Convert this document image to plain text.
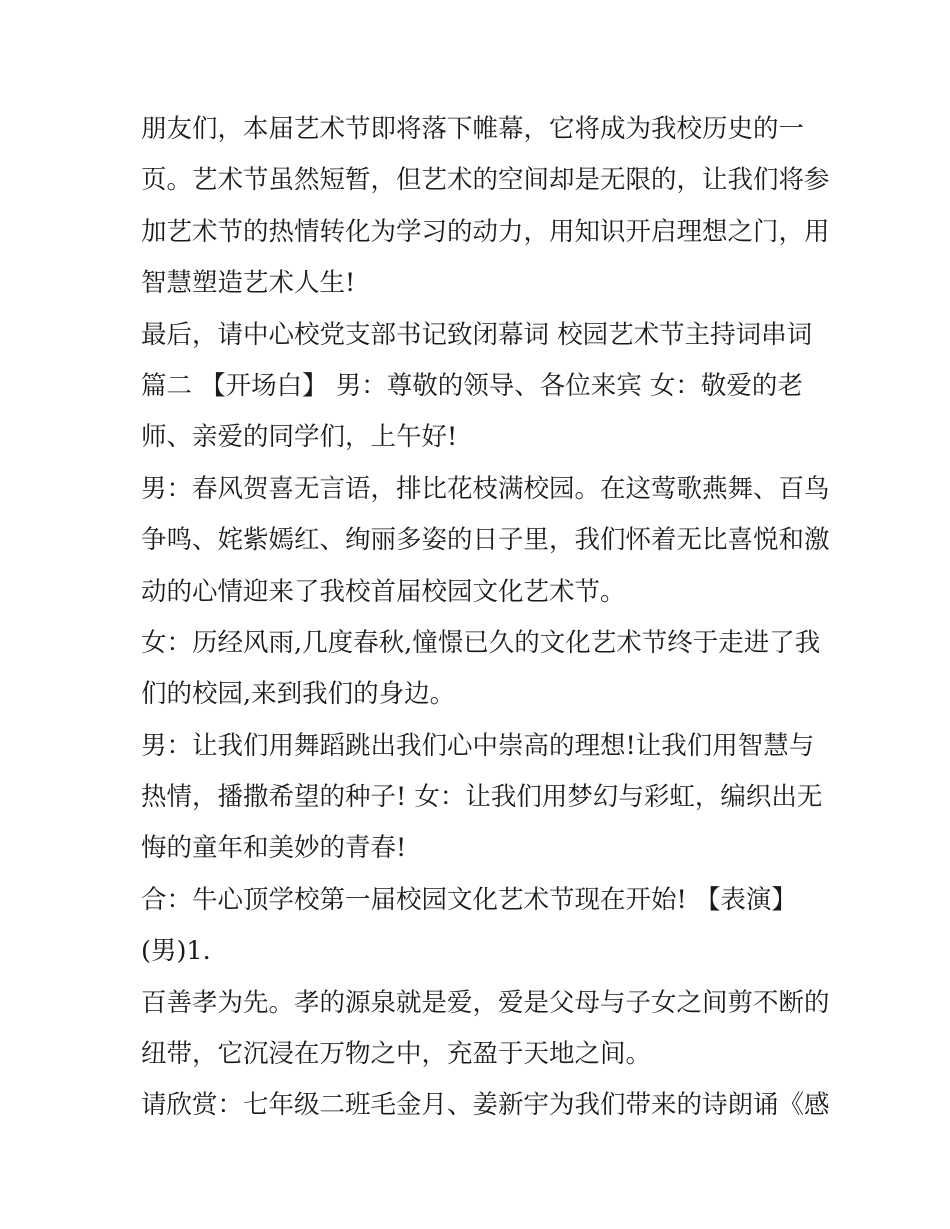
朋友们，本届艺术节即将落下帷幕，它将成为我校历史的一
页。艺术节虽然短暂，但艺术的空间却是无限的，让我们将参
加艺术节的热情转化为学习的动力，用知识开启理想之门，用
智慧塑造艺术人生!
最后，请中心校党支部书记致闭幕词 校园艺术节主持词串词
篇二 【开场白】 男：尊敬的领导、各位来宾 女：敬爱的老
师、亲爱的同学们，上午好!
男：春风贺喜无言语，排比花枝满校园。在这莺歌燕舞、百鸟
争鸣、姹紫嫣红、绚丽多姿的日子里，我们怀着无比喜悦和激
动的心情迎来了我校首届校园文化艺术节。
女：历经风雨,几度春秋,憧憬已久的文化艺术节终于走进了我
们的校园,来到我们的身边。
男：让我们用舞蹈跳出我们心中崇高的理想!让我们用智慧与
热情，播撒希望的种子! 女：让我们用梦幻与彩虹，编织出无
悔的童年和美妙的青春!
合：牛心顶学校第一届校园文化艺术节现在开始! 【表演】
(男)1.
百善孝为先。孝的源泉就是爱，爱是父母与子女之间剪不断的
纽带，它沉浸在万物之中，充盈于天地之间。
请欣赏：七年级二班毛金月、姜新宇为我们带来的诗朗诵《感
